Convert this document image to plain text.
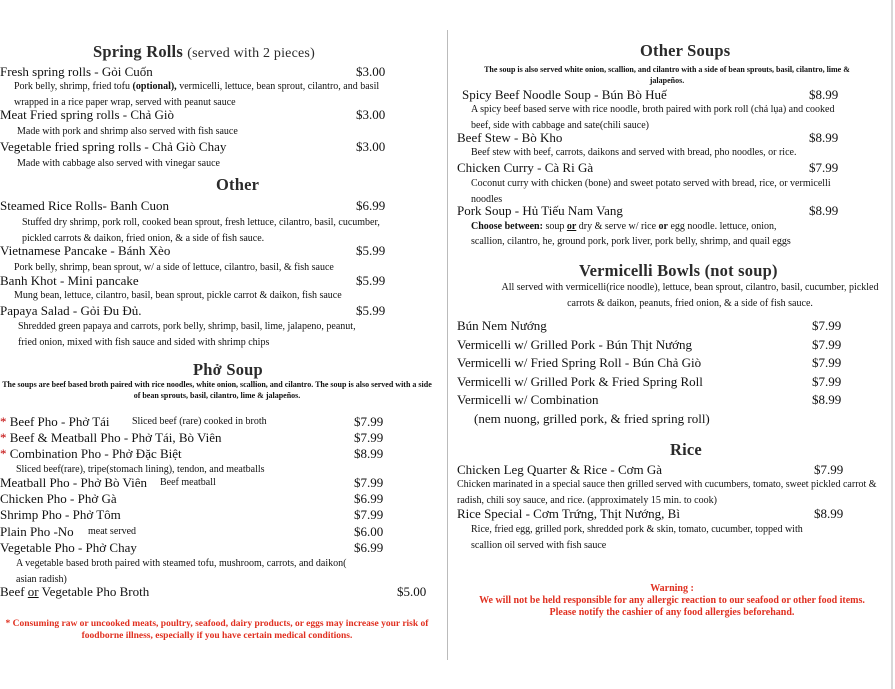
Spring Rolls (served with 2 pieces)
Fresh spring rolls - Gỏi Cuốn	$3.00
Pork belly, shrimp, fried tofu (optional), vermicelli, lettuce, bean sprout, cilantro, and basil wrapped in a rice paper wrap, served with peanut sauce
Meat Fried spring rolls - Chả Giò	$3.00
Made with pork and shrimp also served with fish sauce
Vegetable fried spring rolls - Chả Giò Chay	$3.00
Made with cabbage also served with vinegar sauce
Other
Steamed Rice Rolls- Banh Cuon	$6.99
Stuffed dry shrimp, pork roll, cooked bean sprout, fresh lettuce, cilantro, basil, cucumber, pickled carrots & daikon, fried onion, & a side of fish sauce.
Vietnamese Pancake - Bánh Xèo	$5.99
Pork belly, shrimp, bean sprout, w/ a side of lettuce, cilantro, basil, & fish sauce
Banh Khot - Mini pancake	$5.99
Mung bean, lettuce, cilantro, basil, bean sprout, pickle carrot & daikon, fish sauce
Papaya Salad - Gỏi Đu Đủ.	$5.99
Shredded green papaya and carrots, pork belly, shrimp, basil, lime, jalapeno, peanut, fried onion, mixed with fish sauce and sided with shrimp chips
Phở Soup
The soups are beef based broth paired with rice noodles, white onion, scallion, and cilantro. The soup is also served with a side of bean sprouts, basil, cilantro, lime & jalapeños.
* Beef Pho - Phở Tái Sliced beef (rare) cooked in broth	$7.99
* Beef & Meatball Pho - Phở Tái, Bò Viên	$7.99
* Combination Pho - Phở Đặc Biệt	$8.99
Sliced beef(rare), tripe(stomach lining), tendon, and meatballs
Meatball Pho - Phở Bò Viên Beef meatball	$7.99
Chicken Pho - Phở Gà	$6.99
Shrimp Pho - Phở Tôm	$7.99
Plain Pho -No meat served	$6.00
Vegetable Pho - Phở Chay	$6.99
A vegetable based broth paired with steamed tofu, mushroom, carrots, and daikon( asian radish)
Beef or Vegetable Pho Broth	$5.00
* Consuming raw or uncooked meats, poultry, seafood, dairy products, or eggs may increase your risk of foodborne illness, especially if you have certain medical conditions.
Other Soups
The soup is also served white onion, scallion, and cilantro with a side of bean sprouts, basil, cilantro, lime & jalapeños.
Spicy Beef Noodle Soup - Bún Bò Huế	$8.99
A spicy beef based serve with rice noodle, broth paired with pork roll (chả lụa) and cooked beef, side with cabbage and sate(chili sauce)
Beef Stew - Bò Kho	$8.99
Beef stew with beef, carrots, daikons and served with bread, pho noodles, or rice.
Chicken Curry - Cà Ri Gà	$7.99
Coconut curry with chicken (bone) and sweet potato served with bread, rice, or vermicelli noodles
Pork Soup - Hủ Tiếu Nam Vang	$8.99
Choose between: soup or dry & serve w/ rice or egg noodle. lettuce, onion,
scallion, cilantro, he, ground pork, pork liver, pork belly, shrimp, and quail eggs
Vermicelli Bowls (not soup)
All served with vermicelli(rice noodle), lettuce, bean sprout, cilantro, basil, cucumber, pickled carrots & daikon, peanuts, fried onion, & a side of fish sauce.
Bún Nem Nướng	$7.99
Vermicelli w/ Grilled Pork - Bún Thịt Nướng	$7.99
Vermicelli w/ Fried Spring Roll - Bún Chả Giò	$7.99
Vermicelli w/ Grilled Pork & Fried Spring Roll	$7.99
Vermicelli w/ Combination	$8.99
(nem nuong, grilled pork, & fried spring roll)
Rice
Chicken Leg Quarter & Rice - Cơm Gà	$7.99
Chicken marinated in a special sauce then grilled served with cucumbers, tomato, sweet pickled carrot & radish, chili soy sauce, and rice. (approximately 15 min. to cook)
Rice Special - Cơm Trứng, Thịt Nướng, Bì	$8.99
Rice, fried egg, grilled pork, shredded pork & skin, tomato, cucumber, topped with scallion oil served with fish sauce
Warning :
We will not be held responsible for any allergic reaction to our seafood or other food items.
Please notify the cashier of any food allergies beforehand.
